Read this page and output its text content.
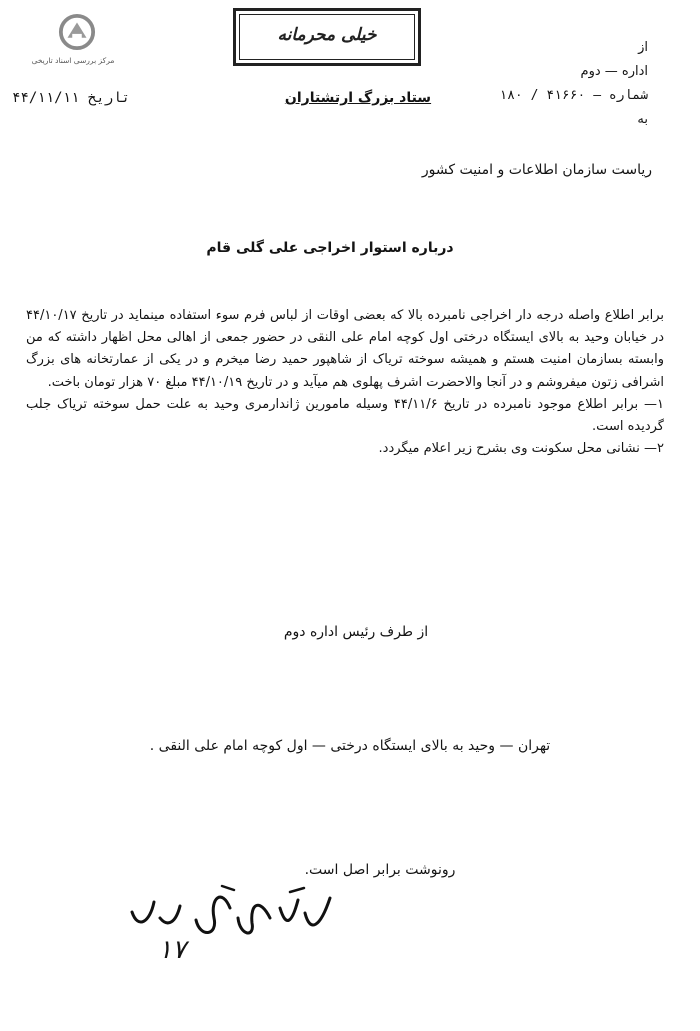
مرکز بررسی اسناد تاریخی
خیلی محرمانه
ستاد بزرگ ارتشتاران
تاریخ ۴۴/۱۱/۱۱
از
اداره — دوم
شماره — ۴۱۶۶۰ / ۱۸۰
به
ریاست سازمان اطلاعات و امنیت کشور
درباره استوار اخراجی علی گلی قام

برابر اطلاع واصله درجه دار اخراجی نامبرده بالا که بعضی اوقات از لباس فرم سوء استفاده مینماید در تاریخ ۴۴/۱۰/۱۷ در خیابان وحید به بالای ایستگاه درختی اول کوچه امام علی النقی در حضور جمعی از اهالی محل اظهار داشته که من وابسته بسازمان امنیت هستم و همیشه سوخته تریاک از شاهپور حمید رضا میخرم و در یکی از عمارتخانه های بزرگ اشرافی زتون میفروشم و در آنجا والاحضرت اشرف پهلوی هم میآید و در تاریخ ۴۴/۱۰/۱۹ مبلغ ۷۰ هزار تومان باخت.

۱— برابر اطلاع موجود نامبرده در تاریخ ۴۴/۱۱/۶ وسیله مامورین ژاندارمری وحید به علت حمل سوخته تریاک جلب گردیده است.

۲— نشانی محل سکونت وی بشرح زیر اعلام میگردد.

از طرف رئیس اداره دوم
تهران — وحید به بالای ایستگاه درختی — اول کوچه امام علی النقی .
رونوشت برابر اصل است.
۱۷
